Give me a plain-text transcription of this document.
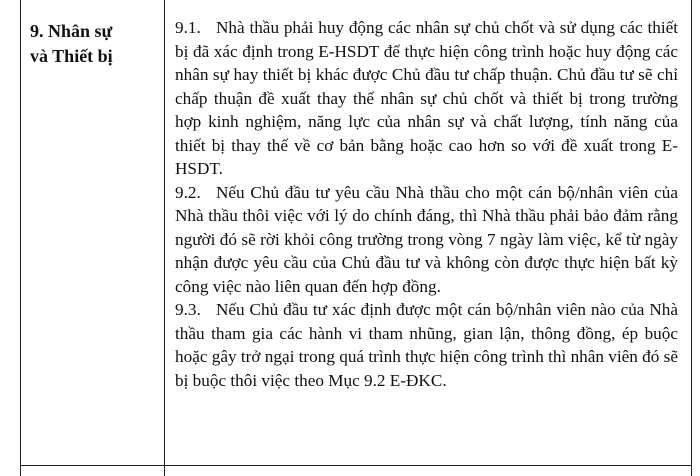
9. Nhân sự
và Thiết bị

9.1. Nhà thầu phải huy động các nhân sự chủ chốt và sử dụng các thiết bị đã xác định trong E-HSDT để thực hiện công trình hoặc huy động các nhân sự hay thiết bị khác được Chủ đầu tư chấp thuận. Chủ đầu tư sẽ chỉ chấp thuận đề xuất thay thế nhân sự chủ chốt và thiết bị trong trường hợp kinh nghiệm, năng lực của nhân sự và chất lượng, tính năng của thiết bị thay thế về cơ bản bằng hoặc cao hơn so với đề xuất trong E-HSDT.

9.2. Nếu Chủ đầu tư yêu cầu Nhà thầu cho một cán bộ/nhân viên của Nhà thầu thôi việc với lý do chính đáng, thì Nhà thầu phải bảo đảm rằng người đó sẽ rời khỏi công trường trong vòng 7 ngày làm việc, kể từ ngày nhận được yêu cầu của Chủ đầu tư và không còn được thực hiện bất kỳ công việc nào liên quan đến hợp đồng.

9.3. Nếu Chủ đầu tư xác định được một cán bộ/nhân viên nào của Nhà thầu tham gia các hành vi tham nhũng, gian lận, thông đồng, ép buộc hoặc gây trở ngại trong quá trình thực hiện công trình thì nhân viên đó sẽ bị buộc thôi việc theo Mục 9.2 E-ĐKC.
